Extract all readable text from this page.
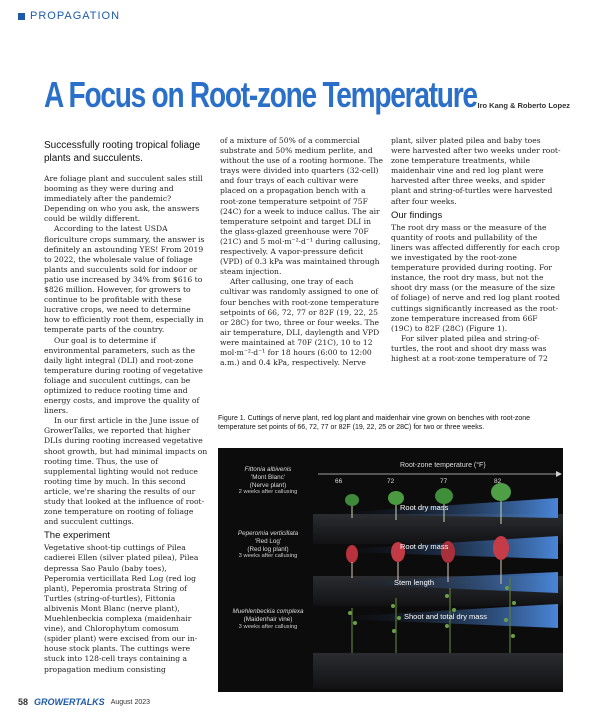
PROPAGATION
A Focus on Root-zone Temperature Iro Kang & Roberto Lopez
Successfully rooting tropical foliage plants and succulents.

Are foliage plant and succulent sales still booming as they were during and immediately after the pandemic? Depending on who you ask, the answers could be wildly different.

According to the latest USDA floriculture crops summary, the answer is definitely an astounding YES! From 2019 to 2022, the wholesale value of foliage plants and succulents sold for indoor or patio use increased by 34% from $616 to $826 million. However, for growers to continue to be profitable with these lucrative crops, we need to determine how to efficiently root them, especially in temperate parts of the country.

Our goal is to determine if environmental parameters, such as the daily light integral (DLI) and root-zone temperature during rooting of vegetative foliage and succulent cuttings, can be optimized to reduce rooting time and energy costs, and improve the quality of liners.

In our first article in the June issue of GrowerTalks, we reported that higher DLIs during rooting increased vegetative shoot growth, but had minimal impacts on rooting time. Thus, the use of supplemental lighting would not reduce rooting time by much. In this second article, we're sharing the results of our study that looked at the influence of root-zone temperature on rooting of foliage and succulent cuttings.

The experiment

Vegetative shoot-tip cuttings of Pilea cadierei Ellen (silver plated pilea), Pilea depressa Sao Paulo (baby toes), Peperomia verticillata Red Log (red log plant), Peperomia prostrata String of Turtles (string-of-turtles), Fittonia albivenis Mont Blanc (nerve plant), Muehlenbeckia complexa (maidenhair vine), and Chlorophytum comosum (spider plant) were excised from our in-house stock plants. The cuttings were stuck into 128-cell trays containing a propagation medium consisting

of a mixture of 50% of a commercial substrate and 50% medium perlite, and without the use of a rooting hormone. The trays were divided into quarters (32-cell) and four trays of each cultivar were placed on a propagation bench with a root-zone temperature setpoint of 75F (24C) for a week to induce callus. The air temperature setpoint and target DLI in the glass-glazed greenhouse were 70F (21C) and 5 mol·m⁻²·d⁻¹ during callusing, respectively. A vapor-pressure deficit (VPD) of 0.3 kPa was maintained through steam injection.

After callusing, one tray of each cultivar was randomly assigned to one of four benches with root-zone temperature setpoints of 66, 72, 77 or 82F (19, 22, 25 or 28C) for two, three or four weeks. The air temperature, DLI, daylength and VPD were maintained at 70F (21C), 10 to 12 mol·m⁻²·d⁻¹ for 18 hours (6:00 to 12:00 a.m.) and 0.4 kPa, respectively. Nerve

plant, silver plated pilea and baby toes were harvested after two weeks under root-zone temperature treatments, while maidenhair vine and red log plant were harvested after three weeks, and spider plant and string-of-turtles were harvested after four weeks.

Our findings

The root dry mass or the measure of the quantity of roots and pullability of the liners was affected differently for each crop we investigated by the root-zone temperature provided during rooting. For instance, the root dry mass, but not the shoot dry mass (or the measure of the size of foliage) of nerve and red log plant rooted cuttings significantly increased as the root-zone temperature increased from 66F (19C) to 82F (28C) (Figure 1).

For silver plated pilea and string-of-turtles, the root and shoot dry mass was highest at a root-zone temperature of 72

Figure 1. Cuttings of nerve plant, red log plant and maidenhair vine grown on benches with root-zone temperature set points of 66, 72, 77 or 82F (19, 22, 25 or 28C) for two or three weeks.
Root-zone temperature (°F)
66	72	77	82
Fittonia albivenis
'Mont Blanc'
(Nerve plant)
2 weeks after callusing
Peperomia verticillata
'Red Log'
(Red log plant)
3 weeks after callusing
Muehlenbeckia complexa
(Maidenhair vine)
3 weeks after callusing
Root dry mass
Root dry mass
Stem length
Shoot and total dry mass
58 GROWERTALKS August 2023
